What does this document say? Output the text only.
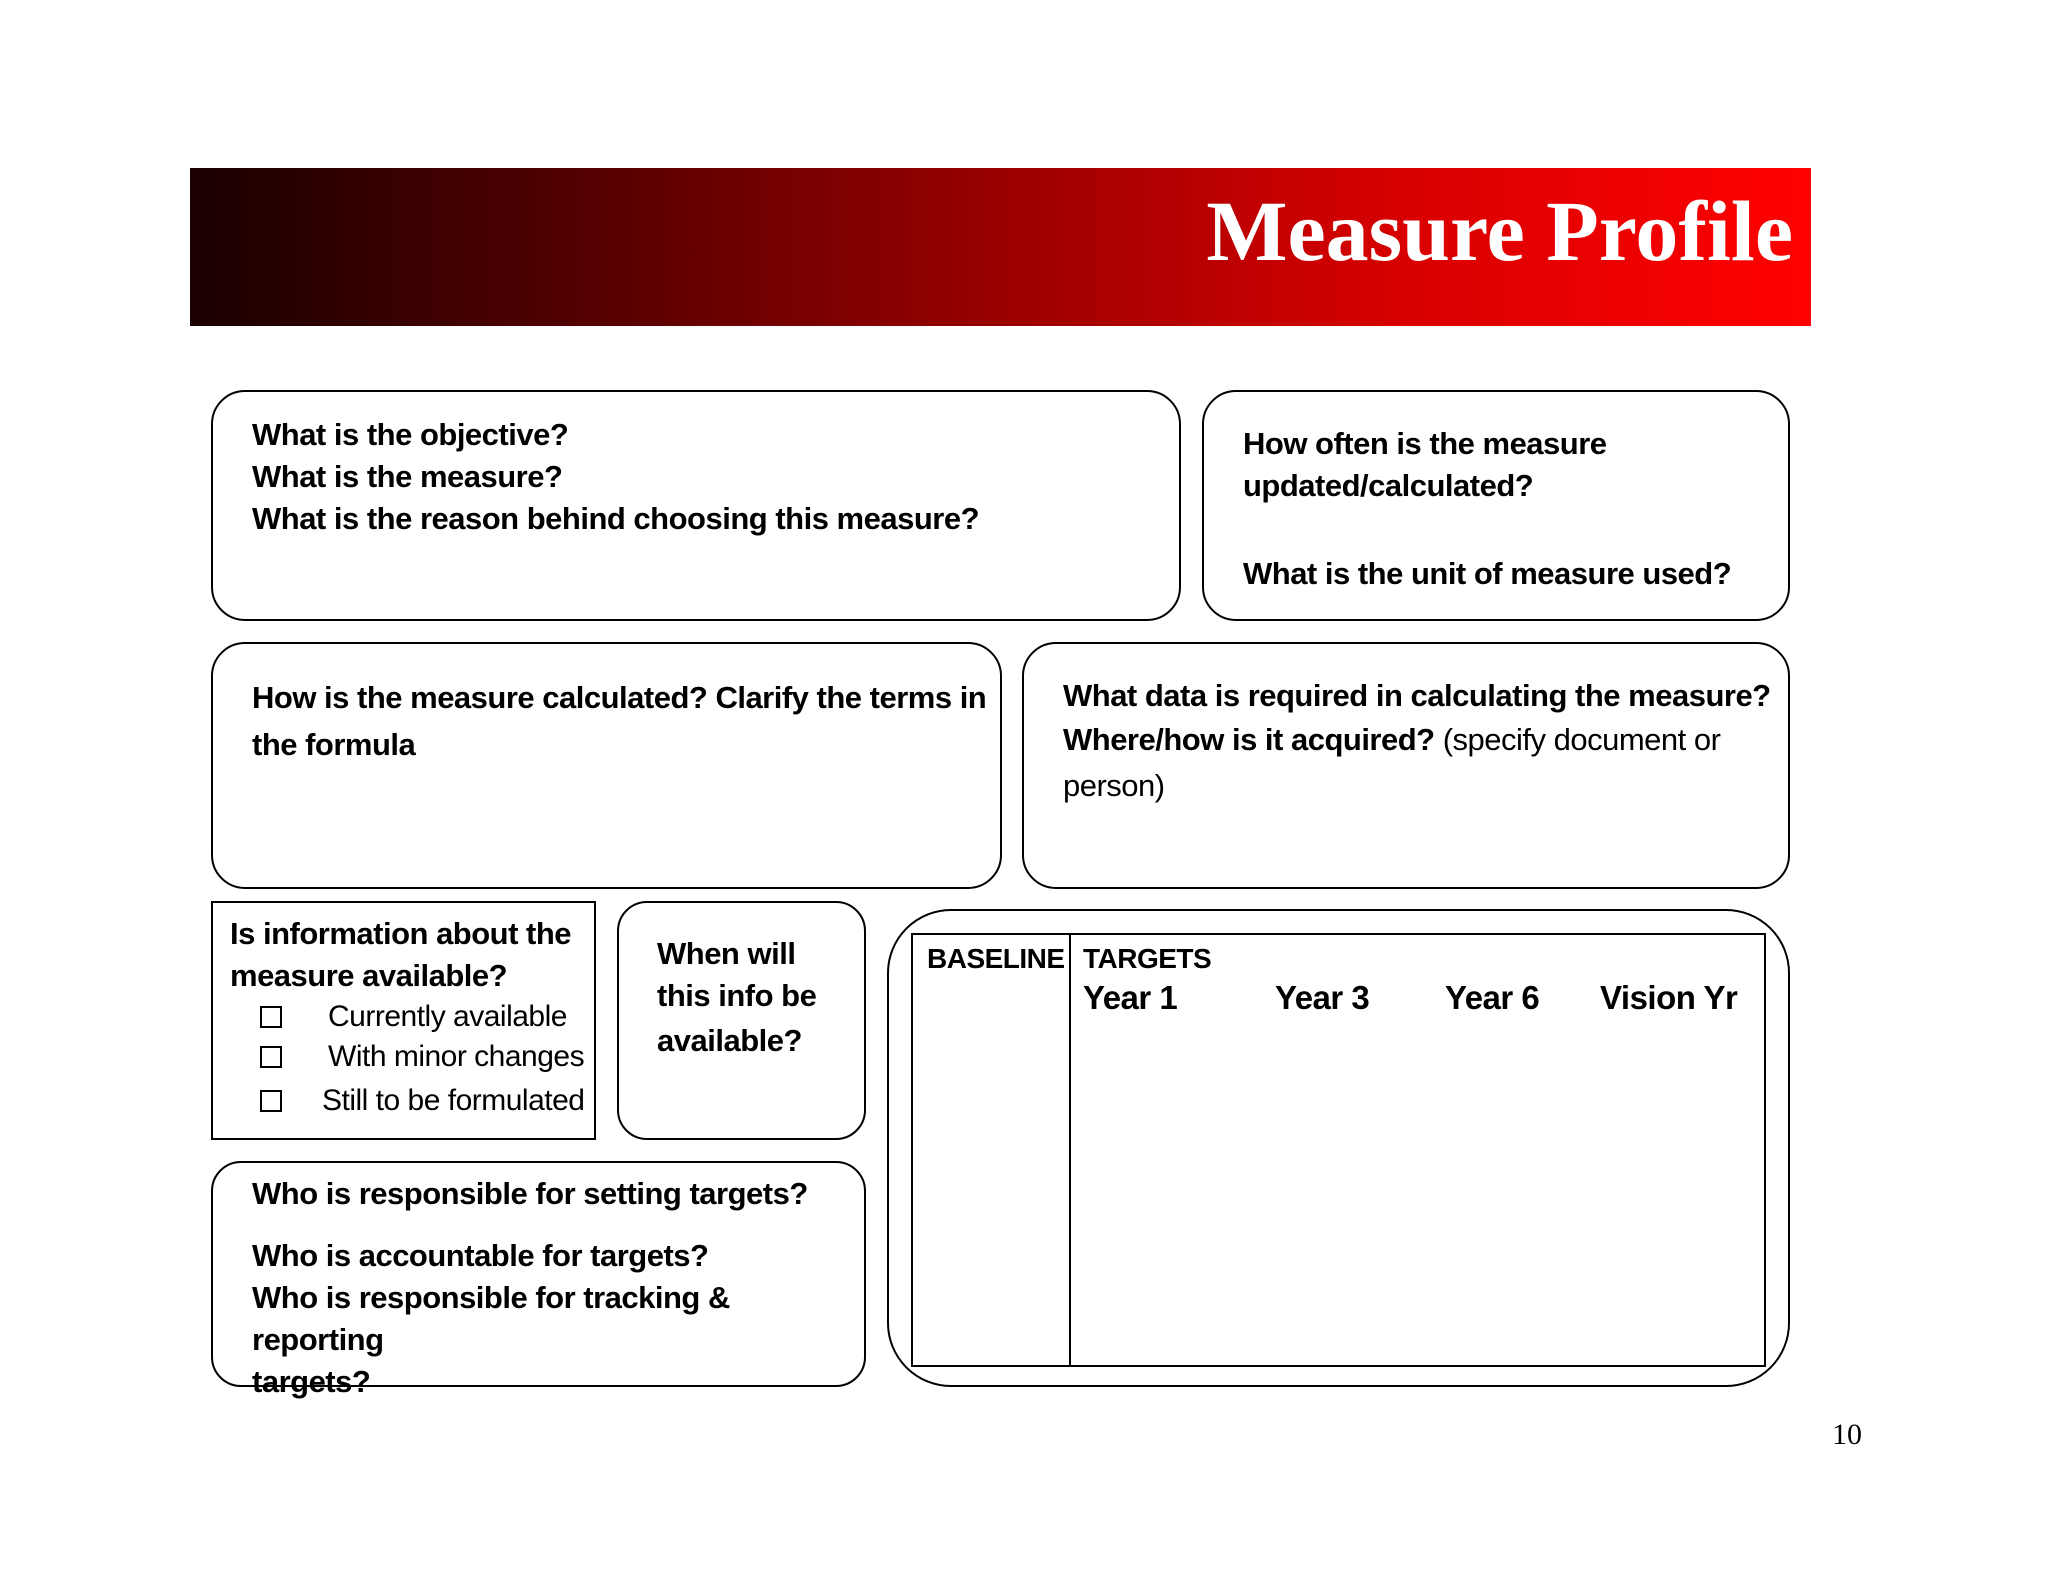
Measure Profile

What is the objective?

What is the measure?

What is the reason behind choosing this measure?

How often is the measure

updated/calculated?

What is the unit of measure used?

How is the measure calculated? Clarify the terms in

the formula

What data is required in calculating the measure?

Where/how is it acquired? (specify document or

person)

Is information about the

measure available?

Currently available
With minor changes
Still to be formulated

When will

this info be

available?

Who is responsible for setting targets?

Who is accountable for targets?

Who is responsible for tracking & reporting

targets?

BASELINE TARGETS
Year 1	Year 3 Year 6 Vision Yr
10
